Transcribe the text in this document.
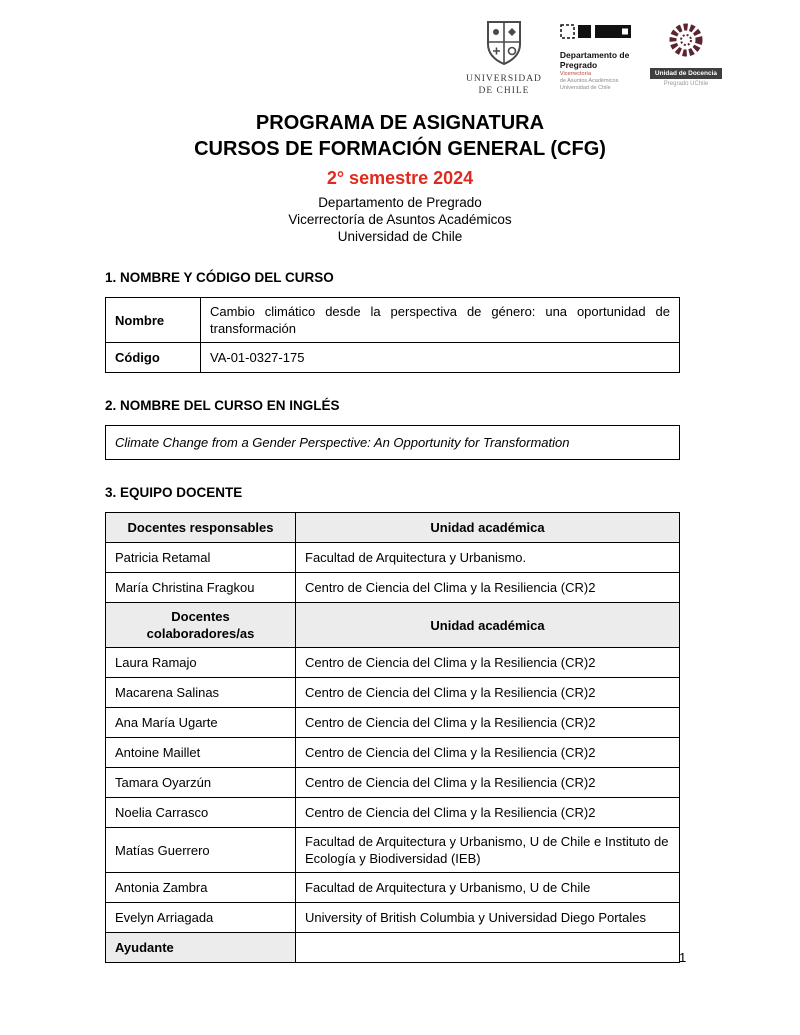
UNIVERSIDAD
DE CHILE
Departamento de Pregrado
Vicerrectoría
de Asuntos Académicos
Universidad de Chile
Unidad de Docencia
Pregrado UChile
PROGRAMA DE ASIGNATURA
CURSOS DE FORMACIÓN GENERAL (CFG)
2° semestre 2024
Departamento de Pregrado
Vicerrectoría de Asuntos Académicos
Universidad de Chile
1. NOMBRE Y CÓDIGO DEL CURSO
Nombre	Cambio climático desde la perspectiva de género: una oportunidad de transformación
Código	VA-01-0327-175
2. NOMBRE DEL CURSO EN INGLÉS
Climate Change from a Gender Perspective: An Opportunity for Transformation
3. EQUIPO DOCENTE
Docentes responsables	Unidad académica
Patricia Retamal	Facultad de Arquitectura y Urbanismo.
María Christina Fragkou	Centro de Ciencia del Clima y la Resiliencia (CR)2
Docentes colaboradores/as	Unidad académica
Laura Ramajo	Centro de Ciencia del Clima y la Resiliencia (CR)2
Macarena Salinas	Centro de Ciencia del Clima y la Resiliencia (CR)2
Ana María Ugarte	Centro de Ciencia del Clima y la Resiliencia (CR)2
Antoine Maillet	Centro de Ciencia del Clima y la Resiliencia (CR)2
Tamara Oyarzún	Centro de Ciencia del Clima y la Resiliencia (CR)2
Noelia Carrasco	Centro de Ciencia del Clima y la Resiliencia (CR)2
Matías Guerrero	Facultad de Arquitectura y Urbanismo, U de Chile e Instituto de Ecología y Biodiversidad (IEB)
Antonia Zambra	Facultad de Arquitectura y Urbanismo, U de Chile
Evelyn Arriagada	University of British Columbia y Universidad Diego Portales
Ayudante	
1
